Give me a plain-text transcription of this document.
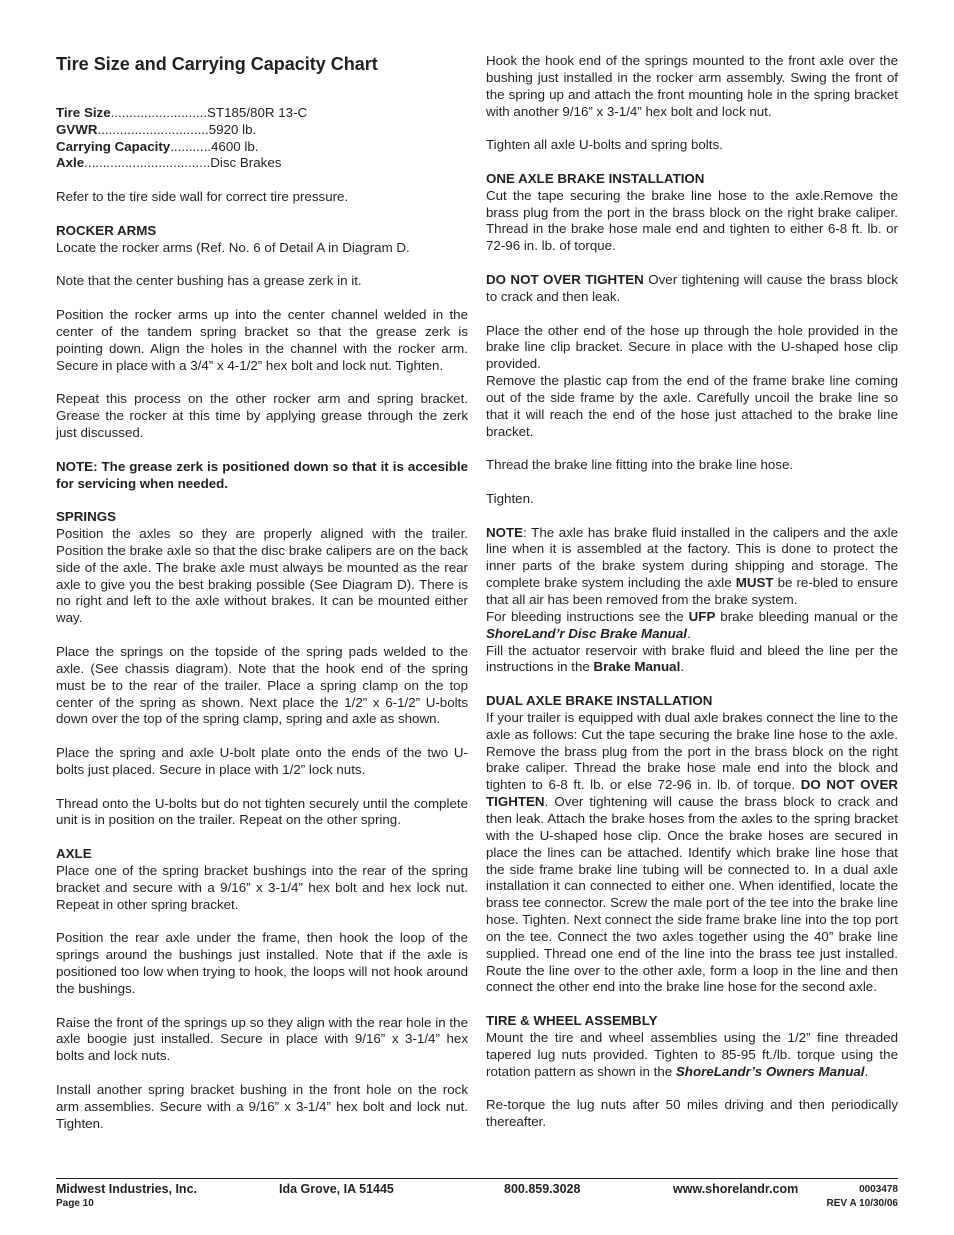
Tire Size and Carrying Capacity Chart
Tire Size .......................... ST185/80R 13-C
GVWR .............................. 5920 lb.
Carrying Capacity ........... 4600 lb.
Axle .................................. Disc Brakes
Refer to the tire side wall for correct tire pressure.
ROCKER ARMS
Locate the rocker arms (Ref. No. 6 of Detail A in Diagram D.
Note that the center bushing has a grease zerk in it.
Position the rocker arms up into the center channel welded in the center of the tandem spring bracket so that the grease zerk is pointing down. Align the holes in the channel with the rocker arm. Secure in place with a 3/4” x 4-1/2” hex bolt and lock nut. Tighten.
Repeat this process on the other rocker arm and spring bracket. Grease the rocker at this time by applying grease through the zerk just discussed.
NOTE: The grease zerk is positioned down so that it is accesible for servicing when needed.
SPRINGS
Position the axles so they are properly aligned with the trailer. Position the brake axle so that the disc brake calipers are on the back side of the axle. The brake axle must always be mounted as the rear axle to give you the best braking possible (See Diagram D). There is no right and left to the axle without brakes. It can be mounted either way.
Place the springs on the topside of the spring pads welded to the axle. (See chassis diagram). Note that the hook end of the spring must be to the rear of the trailer. Place a spring clamp on the top center of the spring as shown. Next place the 1/2” x 6-1/2” U-bolts down over the top of the spring clamp, spring and axle as shown.
Place the spring and axle U-bolt plate onto the ends of the two U-bolts just placed. Secure in place with 1/2” lock nuts.
Thread onto the U-bolts but do not tighten securely until the complete unit is in position on the trailer. Repeat on the other spring.
AXLE
Place one of the spring bracket bushings into the rear of the spring bracket and secure with a 9/16” x 3-1/4” hex bolt and hex lock nut. Repeat in other spring bracket.
Position the rear axle under the frame, then hook the loop of the springs around the bushings just installed. Note that if the axle is positioned too low when trying to hook, the loops will not hook around the bushings.
Raise the front of the springs up so they align with the rear hole in the axle boogie just installed. Secure in place with 9/16” x 3-1/4” hex bolts and lock nuts.
Install another spring bracket bushing in the front hole on the rock arm assemblies. Secure with a 9/16” x 3-1/4” hex bolt and lock nut. Tighten.
Hook the hook end of the springs mounted to the front axle over the bushing just installed in the rocker arm assembly. Swing the front of the spring up and attach the front mounting hole in the spring bracket with another 9/16” x 3-1/4” hex bolt and lock nut.
Tighten all axle U-bolts and spring bolts.
ONE AXLE BRAKE INSTALLATION
Cut the tape securing the brake line hose to the axle.Remove the brass plug from the port in the brass block on the right brake caliper. Thread in the brake hose male end and tighten to either 6-8 ft. lb. or 72-96 in. lb. of torque.
DO NOT OVER TIGHTEN Over tightening will cause the brass block to crack and then leak.
Place the other end of the hose up through the hole provided in the brake line clip bracket. Secure in place with the U-shaped hose clip provided.
Remove the plastic cap from the end of the frame brake line coming out of the side frame by the axle. Carefully uncoil the brake line so that it will reach the end of the hose just attached to the brake line bracket.
Thread the brake line fitting into the brake line hose.
Tighten.
NOTE: The axle has brake fluid installed in the calipers and the axle line when it is assembled at the factory. This is done to protect the inner parts of the brake system during shipping and storage. The complete brake system including the axle MUST be re-bled to ensure that all air has been removed from the brake system.
For bleeding instructions see the UFP brake bleeding manual or the ShoreLand’r Disc Brake Manual.
Fill the actuator reservoir with brake fluid and bleed the line per the instructions in the Brake Manual.
DUAL AXLE BRAKE INSTALLATION
If your trailer is equipped with dual axle brakes connect the line to the axle as follows: Cut the tape securing the brake line hose to the axle. Remove the brass plug from the port in the brass block on the right brake caliper. Thread the brake hose male end into the block and tighten to 6-8 ft. lb. or else 72-96 in. lb. of torque. DO NOT OVER TIGHTEN. Over tightening will cause the brass block to crack and then leak. Attach the brake hoses from the axles to the spring bracket with the U-shaped hose clip. Once the brake hoses are secured in place the lines can be attached. Identify which brake line hose that the side frame brake line tubing will be connected to. In a dual axle installation it can connected to either one. When identified, locate the brass tee connector. Screw the male port of the tee into the brake line hose. Tighten. Next connect the side frame brake line into the top port on the tee. Connect the two axles together using the 40” brake line supplied. Thread one end of the line into the brass tee just installed. Route the line over to the other axle, form a loop in the line and then connect the other end into the brake line hose for the second axle.
TIRE & WHEEL ASSEMBLY
Mount the tire and wheel assemblies using the 1/2” fine threaded tapered lug nuts provided. Tighten to 85-95 ft./lb. torque using the rotation pattern as shown in the ShoreLandr’s Owners Manual.
Re-torque the lug nuts after 50 miles driving and then periodically thereafter.
Midwest Industries, Inc.
Page 10
Ida Grove, IA 51445	800.859.3028	www.shorelandr.com	0003478
REV A 10/30/06
